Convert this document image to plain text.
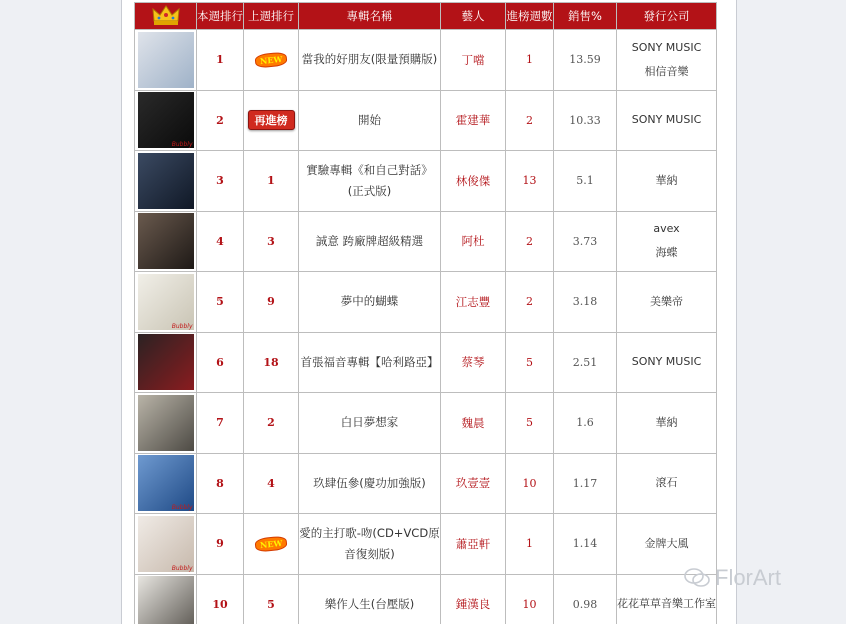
	本週排行	上週排行	專輯名稱	藝人	進榜週數	銷售%	發行公司

	1	NEW	當我的好朋友(限量預購版)	丁噹	1	13.59	SONY MUSIC
相信音樂

Bubbly	2	再進榜	開始	霍建華	2	10.33	SONY MUSIC

	3	1	實驗專輯《和自己對話》(正式版)	林俊傑	13	5.1	華納

	4	3	誠意 跨廠牌超級精選	阿杜	2	3.73	avex
海蝶

Bubbly	5	9	夢中的蝴蝶	江志豐	2	3.18	美樂帝

	6	18	首張福音專輯【哈利路亞】	蔡琴	5	2.51	SONY MUSIC

	7	2	白日夢想家	魏晨	5	1.6	華納

Bubbly	8	4	玖肆伍參(慶功加強版)	玖壹壹	10	1.17	滾石

Bubbly	9	NEW	愛的主打歌-吻(CD+VCD原音復刻版)	蕭亞軒	1	1.14	金牌大風

	10	5	樂作人生(台壓版)	鍾漢良	10	0.98	花花草草音樂工作室
FlorArt
